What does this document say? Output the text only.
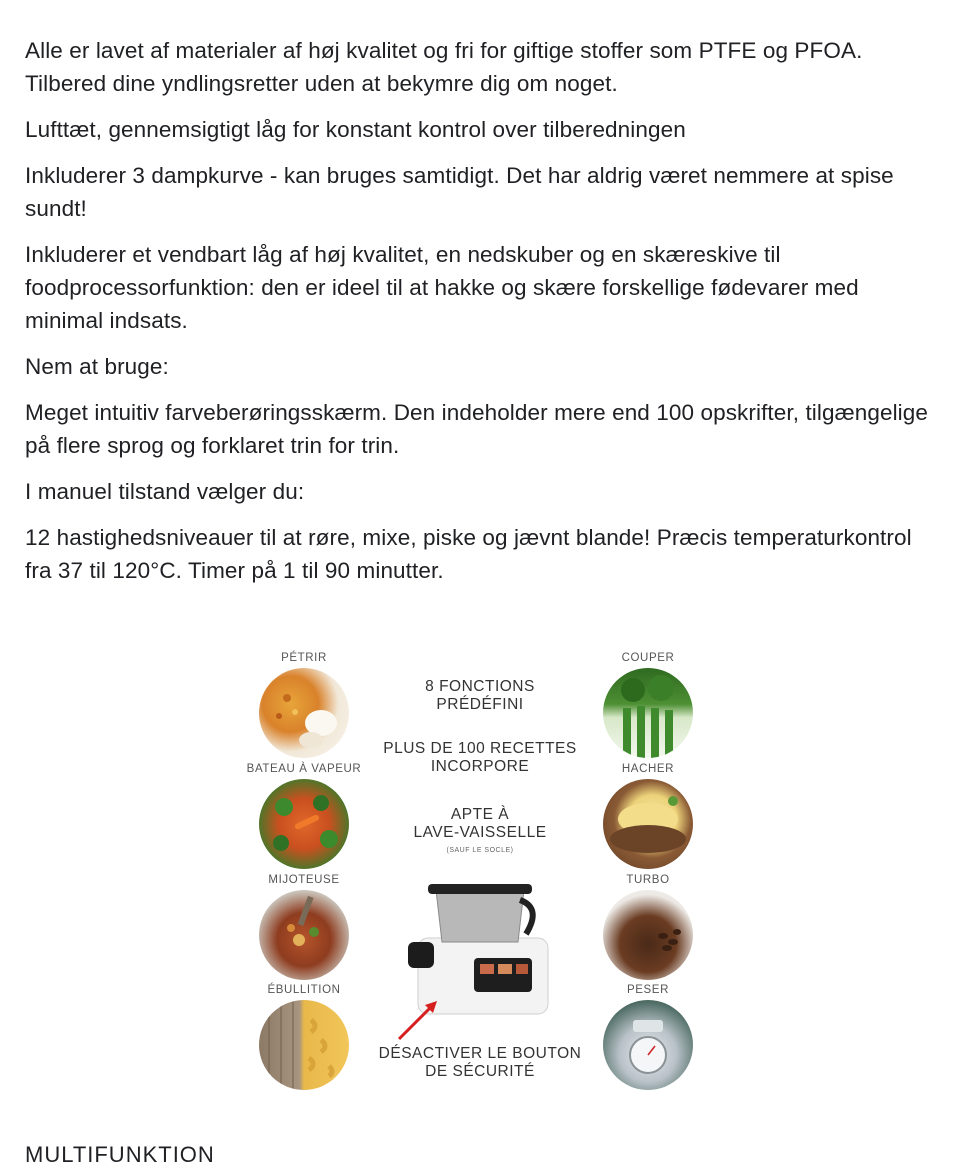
Alle er lavet af materialer af høj kvalitet og fri for giftige stoffer som PTFE og PFOA. Tilbered dine yndlingsretter uden at bekymre dig om noget.

Lufttæt, gennemsigtigt låg for konstant kontrol over tilberedningen

Inkluderer 3 dampkurve - kan bruges samtidigt. Det har aldrig været nemmere at spise sundt!

Inkluderer et vendbart låg af høj kvalitet, en nedskuber og en skæreskive til foodprocessorfunktion: den er ideel til at hakke og skære forskellige fødevarer med minimal indsats.

Nem at bruge:

Meget intuitiv farveberøringsskærm. Den indeholder mere end 100 opskrifter, tilgængelige på flere sprog og forklaret trin for trin.

I manuel tilstand vælger du:

12 hastighedsniveauer til at røre, mixe, piske og jævnt blande! Præcis temperaturkontrol fra 37 til 120°C. Timer på 1 til 90 minutter.

PÉTRIR
BATEAU À VAPEUR
MIJOTEUSE
ÉBULLITION
COUPER
HACHER
TURBO
PESER
8 FONCTIONS
PRÉDÉFINI
PLUS DE 100 RECETTES
INCORPORE
APTE À
LAVE-VAISSELLE
(SAUF LE SOCLE)
DÉSACTIVER LE BOUTON
DE SÉCURITÉ
MULTIFUNKTION
